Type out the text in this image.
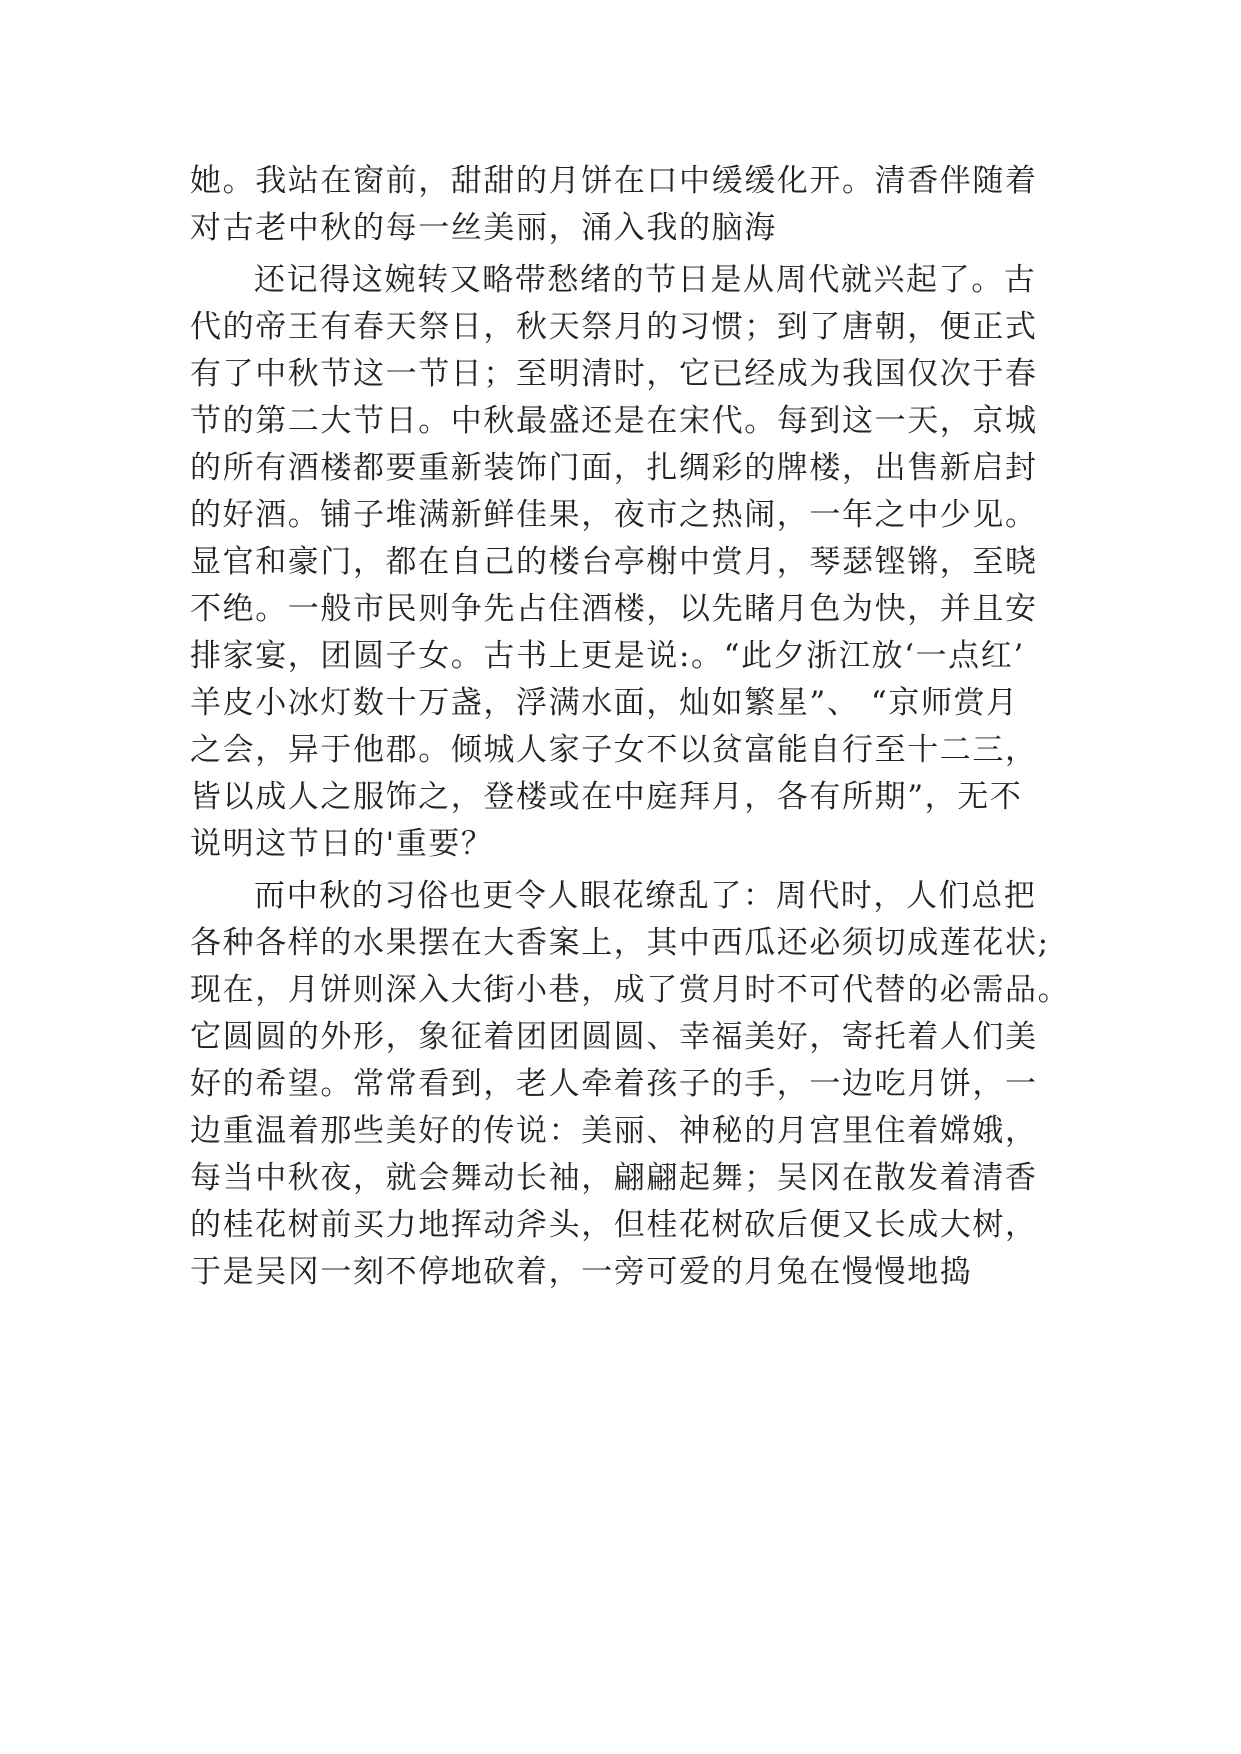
她。我站在窗前，甜甜的月饼在口中缓缓化开。清香伴随着
对古老中秋的每一丝美丽，涌入我的脑海
还记得这婉转又略带愁绪的节日是从周代就兴起了。古
代的帝王有春天祭日，秋天祭月的习惯；到了唐朝，便正式
有了中秋节这一节日；至明清时，它已经成为我国仅次于春
节的第二大节日。中秋最盛还是在宋代。每到这一天，京城
的所有酒楼都要重新装饰门面，扎绸彩的牌楼，出售新启封
的好酒。铺子堆满新鲜佳果，夜市之热闹，一年之中少见。
显官和豪门，都在自己的楼台亭榭中赏月，琴瑟铿锵，至晓
不绝。一般市民则争先占住酒楼，以先睹月色为快，并且安
排家宴，团圆子女。古书上更是说:。“此夕浙江放‘一点红’
羊皮小冰灯数十万盏，浮满水面，灿如繁星”、 “京师赏月
之会，异于他郡。倾城人家子女不以贫富能自行至十二三，
皆以成人之服饰之，登楼或在中庭拜月，各有所期”，无不
说明这节日的'重要？
而中秋的习俗也更令人眼花缭乱了：周代时，人们总把
各种各样的水果摆在大香案上，其中西瓜还必须切成莲花状;
现在，月饼则深入大街小巷，成了赏月时不可代替的必需品。
它圆圆的外形，象征着团团圆圆、幸福美好，寄托着人们美
好的希望。常常看到，老人牵着孩子的手，一边吃月饼，一
边重温着那些美好的传说：美丽、神秘的月宫里住着嫦娥，
每当中秋夜，就会舞动长袖，翩翩起舞；吴冈在散发着清香
的桂花树前买力地挥动斧头，但桂花树砍后便又长成大树，
于是吴冈一刻不停地砍着，一旁可爱的月兔在慢慢地捣
